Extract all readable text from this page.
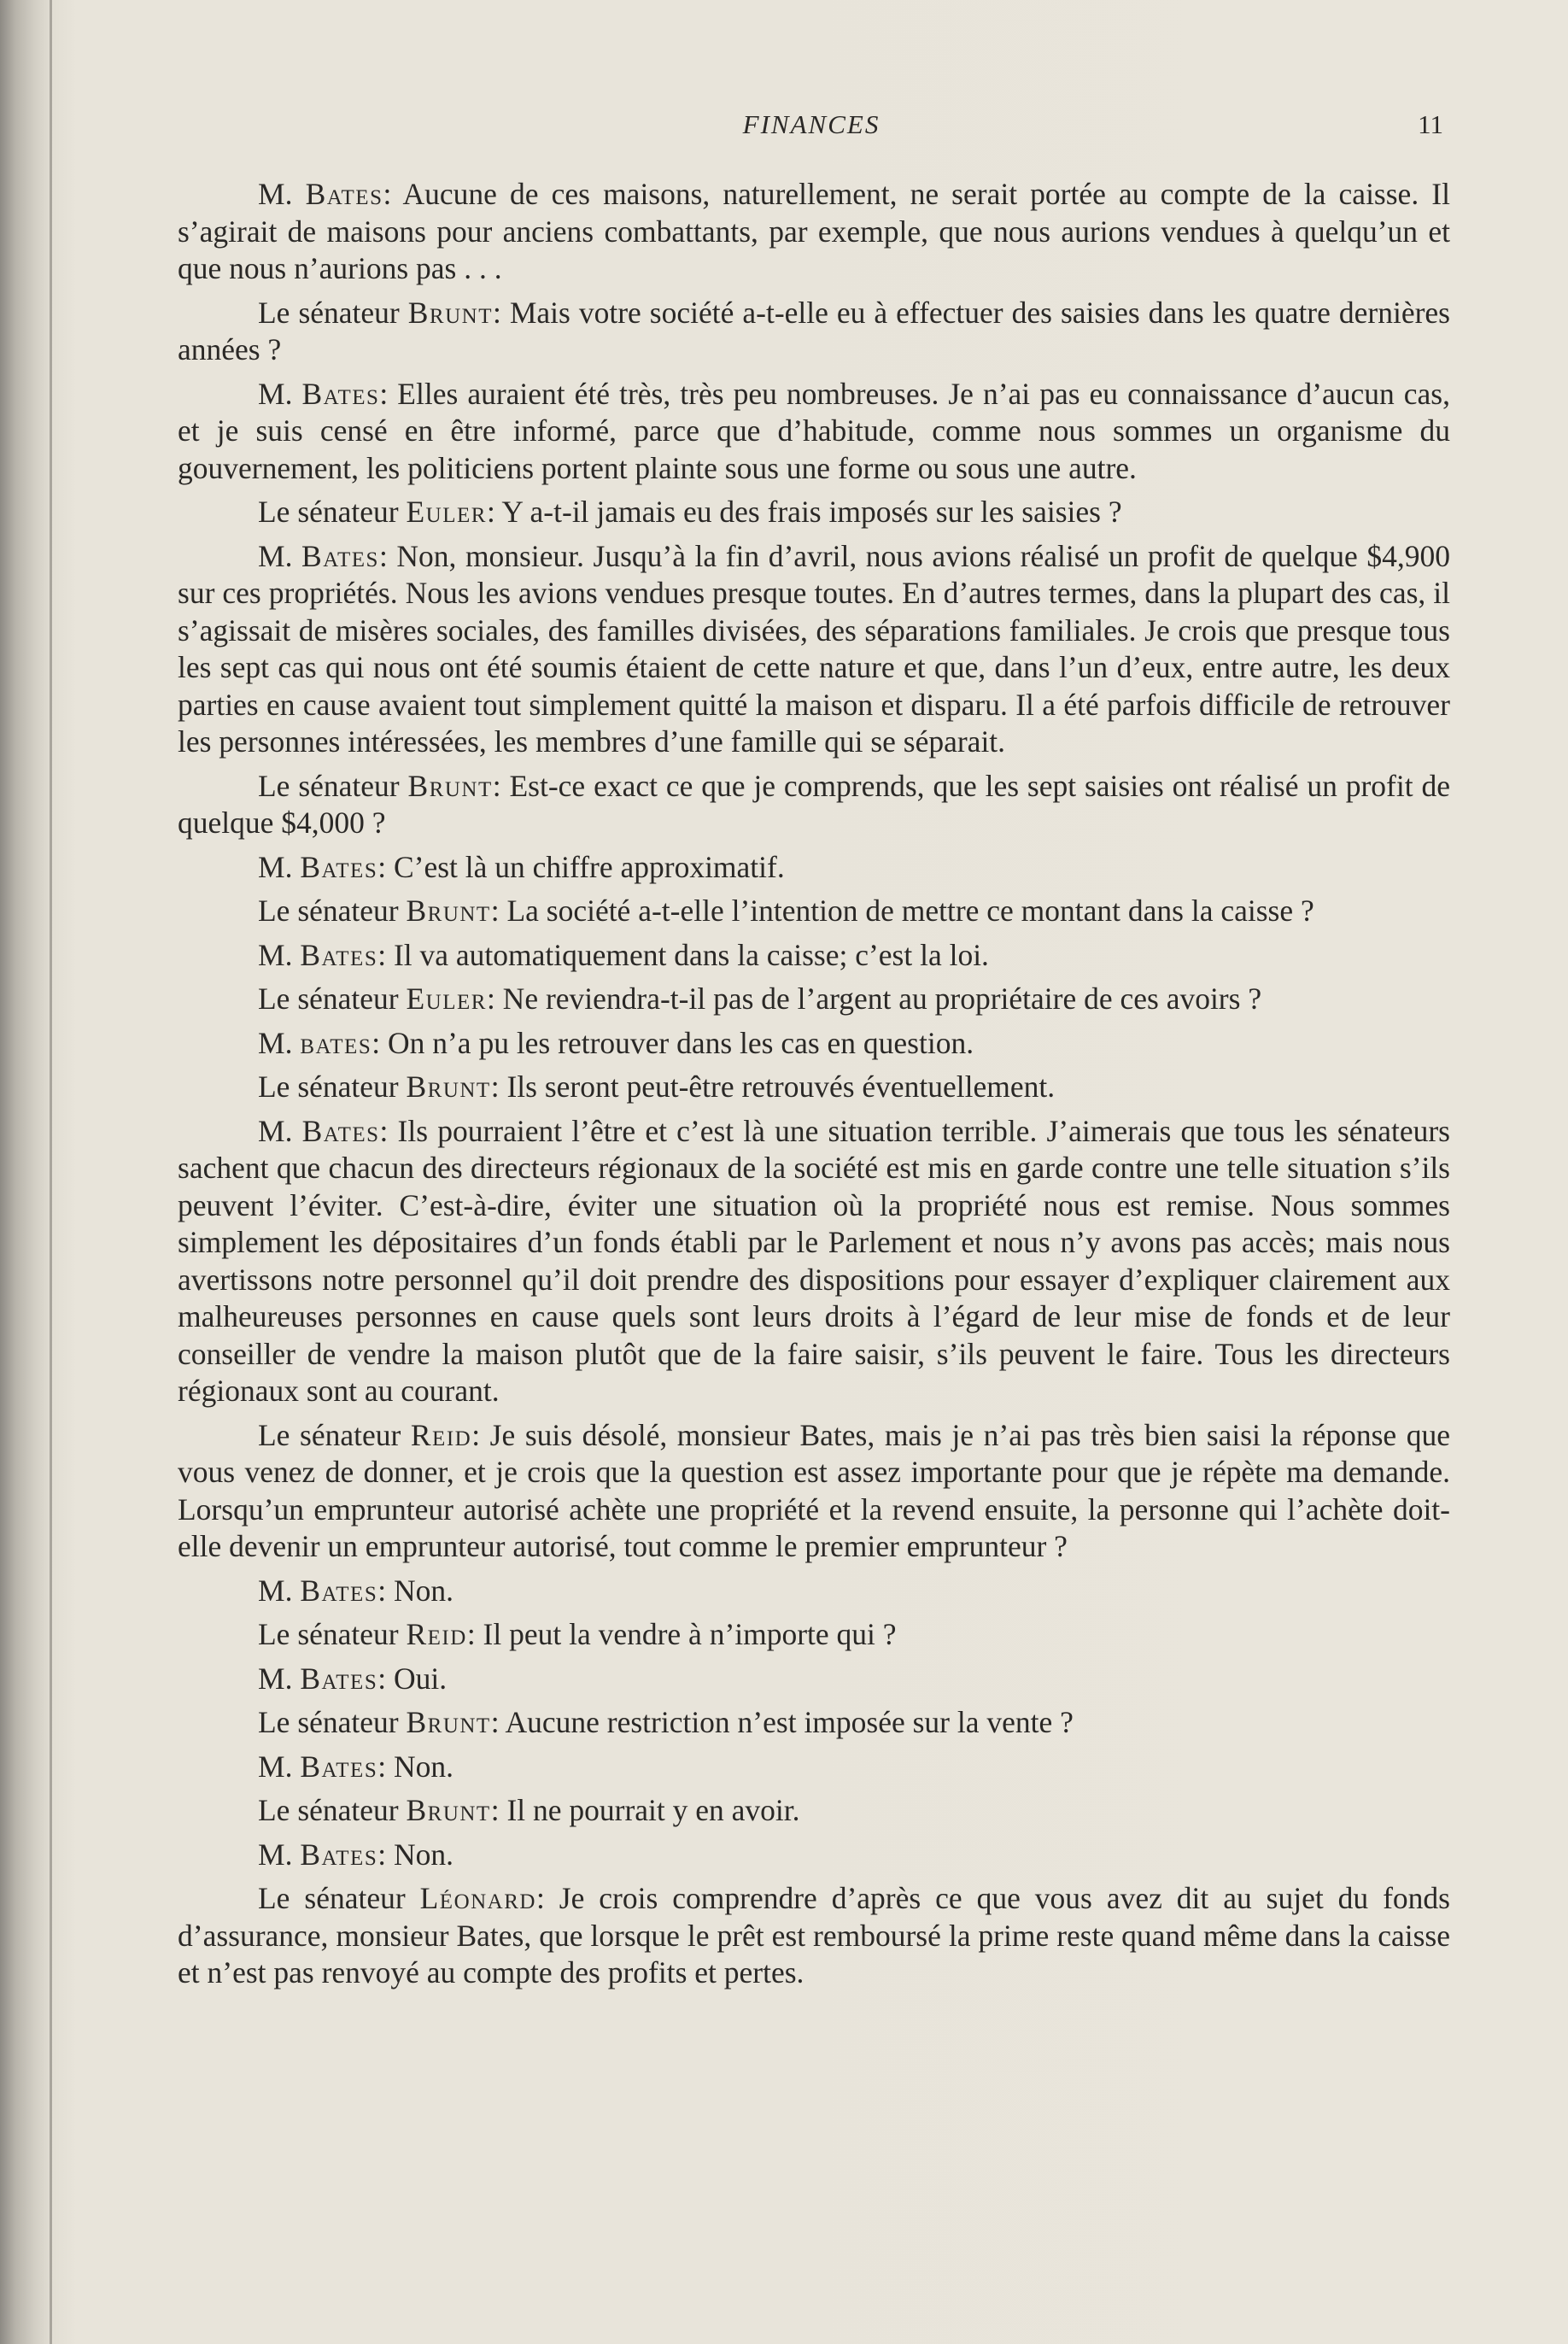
FINANCES	11

M. Bates: Aucune de ces maisons, naturellement, ne serait portée au compte de la caisse. Il s’agirait de maisons pour anciens combattants, par exemple, que nous aurions vendues à quelqu’un et que nous n’aurions pas . . .

Le sénateur Brunt: Mais votre société a-t-elle eu à effectuer des saisies dans les quatre dernières années ?

M. Bates: Elles auraient été très, très peu nombreuses. Je n’ai pas eu connaissance d’aucun cas, et je suis censé en être informé, parce que d’habitude, comme nous sommes un organisme du gouvernement, les politiciens portent plainte sous une forme ou sous une autre.

Le sénateur Euler: Y a-t-il jamais eu des frais imposés sur les saisies ?

M. Bates: Non, monsieur. Jusqu’à la fin d’avril, nous avions réalisé un profit de quelque $4,900 sur ces propriétés. Nous les avions vendues presque toutes. En d’autres termes, dans la plupart des cas, il s’agissait de misères sociales, des familles divisées, des séparations familiales. Je crois que presque tous les sept cas qui nous ont été soumis étaient de cette nature et que, dans l’un d’eux, entre autre, les deux parties en cause avaient tout simplement quitté la maison et disparu. Il a été parfois difficile de retrouver les personnes intéressées, les membres d’une famille qui se séparait.

Le sénateur Brunt: Est-ce exact ce que je comprends, que les sept saisies ont réalisé un profit de quelque $4,000 ?

M. Bates: C’est là un chiffre approximatif.

Le sénateur Brunt: La société a-t-elle l’intention de mettre ce montant dans la caisse ?

M. Bates: Il va automatiquement dans la caisse; c’est la loi.

Le sénateur Euler: Ne reviendra-t-il pas de l’argent au propriétaire de ces avoirs ?

M. bates: On n’a pu les retrouver dans les cas en question.

Le sénateur Brunt: Ils seront peut-être retrouvés éventuellement.

M. Bates: Ils pourraient l’être et c’est là une situation terrible. J’aimerais que tous les sénateurs sachent que chacun des directeurs régionaux de la société est mis en garde contre une telle situation s’ils peuvent l’éviter. C’est-à-dire, éviter une situation où la propriété nous est remise. Nous sommes simplement les dépositaires d’un fonds établi par le Parlement et nous n’y avons pas accès; mais nous avertissons notre personnel qu’il doit prendre des dispositions pour essayer d’expliquer clairement aux malheureuses personnes en cause quels sont leurs droits à l’égard de leur mise de fonds et de leur conseiller de vendre la maison plutôt que de la faire saisir, s’ils peuvent le faire. Tous les directeurs régionaux sont au courant.

Le sénateur Reid: Je suis désolé, monsieur Bates, mais je n’ai pas très bien saisi la réponse que vous venez de donner, et je crois que la question est assez importante pour que je répète ma demande. Lorsqu’un emprunteur autorisé achète une propriété et la revend ensuite, la personne qui l’achète doit-elle devenir un emprunteur autorisé, tout comme le premier emprunteur ?

M. Bates: Non.

Le sénateur Reid: Il peut la vendre à n’importe qui ?

M. Bates: Oui.

Le sénateur Brunt: Aucune restriction n’est imposée sur la vente ?

M. Bates: Non.

Le sénateur Brunt: Il ne pourrait y en avoir.

M. Bates: Non.

Le sénateur Léonard: Je crois comprendre d’après ce que vous avez dit au sujet du fonds d’assurance, monsieur Bates, que lorsque le prêt est remboursé la prime reste quand même dans la caisse et n’est pas renvoyé au compte des profits et pertes.
